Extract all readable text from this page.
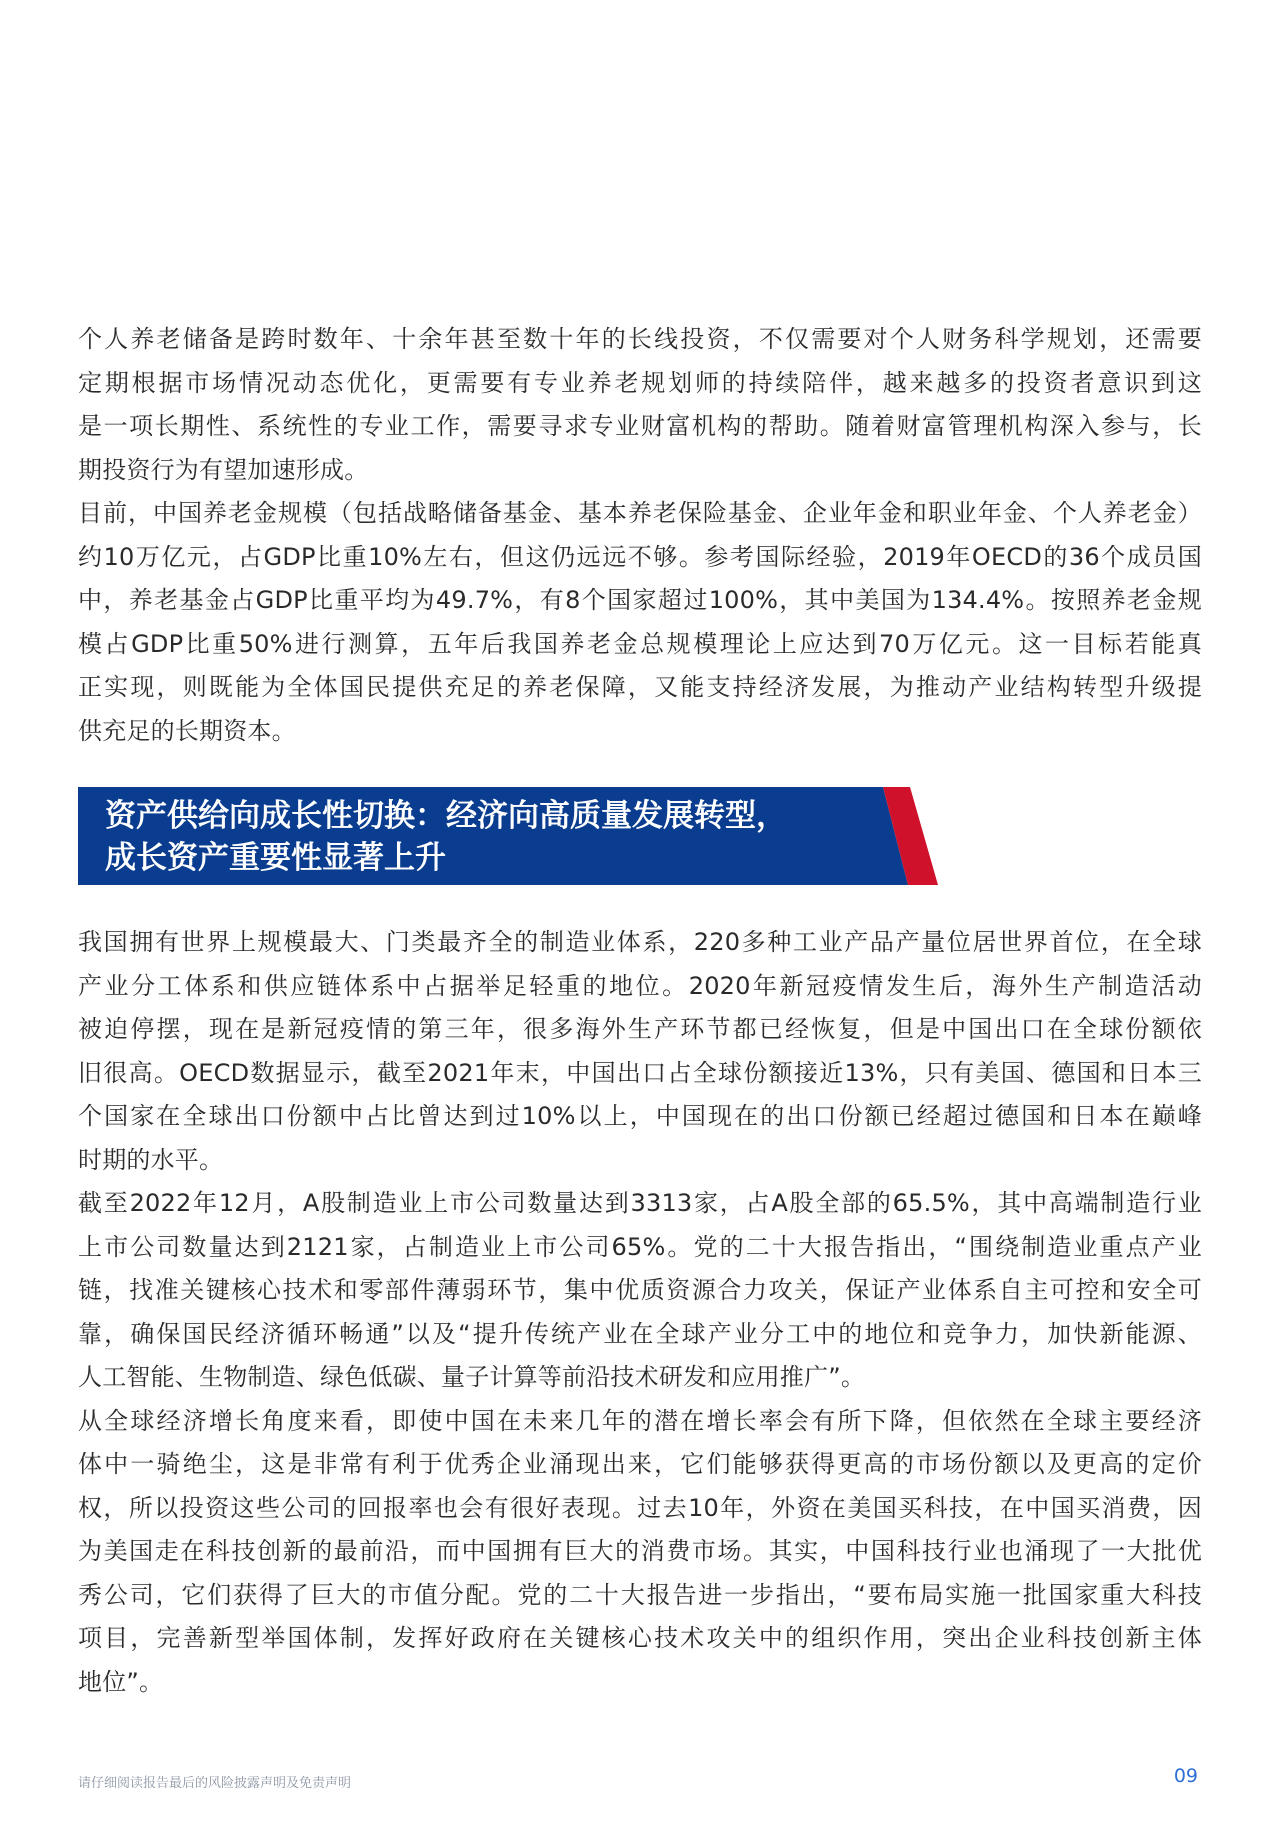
个人养老储备是跨时数年、十余年甚至数十年的长线投资，不仅需要对个人财务科学规划，还需要
定期根据市场情况动态优化，更需要有专业养老规划师的持续陪伴，越来越多的投资者意识到这
是一项长期性、系统性的专业工作，需要寻求专业财富机构的帮助。随着财富管理机构深入参与，长
期投资行为有望加速形成。
目前，中国养老金规模（包括战略储备基金、基本养老保险基金、企业年金和职业年金、个人养老金）
约10万亿元，占GDP比重10%左右，但这仍远远不够。参考国际经验，2019年OECD的36个成员国
中，养老基金占GDP比重平均为49.7%，有8个国家超过100%，其中美国为134.4%。按照养老金规
模占GDP比重50%进行测算，五年后我国养老金总规模理论上应达到70万亿元。这一目标若能真
正实现，则既能为全体国民提供充足的养老保障，又能支持经济发展，为推动产业结构转型升级提
供充足的长期资本。
资产供给向成长性切换：经济向高质量发展转型，
成长资产重要性显著上升
我国拥有世界上规模最大、门类最齐全的制造业体系，220多种工业产品产量位居世界首位，在全球
产业分工体系和供应链体系中占据举足轻重的地位。2020年新冠疫情发生后，海外生产制造活动
被迫停摆，现在是新冠疫情的第三年，很多海外生产环节都已经恢复，但是中国出口在全球份额依
旧很高。OECD数据显示，截至2021年末，中国出口占全球份额接近13%，只有美国、德国和日本三
个国家在全球出口份额中占比曾达到过10%以上，中国现在的出口份额已经超过德国和日本在巅峰
时期的水平。
截至2022年12月，A股制造业上市公司数量达到3313家，占A股全部的65.5%，其中高端制造行业
上市公司数量达到2121家，占制造业上市公司65%。党的二十大报告指出，“围绕制造业重点产业
链，找准关键核心技术和零部件薄弱环节，集中优质资源合力攻关，保证产业体系自主可控和安全可
靠，确保国民经济循环畅通”以及“提升传统产业在全球产业分工中的地位和竞争力，加快新能源、
人工智能、生物制造、绿色低碳、量子计算等前沿技术研发和应用推广”。
从全球经济增长角度来看，即使中国在未来几年的潜在增长率会有所下降，但依然在全球主要经济
体中一骑绝尘，这是非常有利于优秀企业涌现出来，它们能够获得更高的市场份额以及更高的定价
权，所以投资这些公司的回报率也会有很好表现。过去10年，外资在美国买科技，在中国买消费，因
为美国走在科技创新的最前沿，而中国拥有巨大的消费市场。其实，中国科技行业也涌现了一大批优
秀公司，它们获得了巨大的市值分配。党的二十大报告进一步指出，“要布局实施一批国家重大科技
项目，完善新型举国体制，发挥好政府在关键核心技术攻关中的组织作用，突出企业科技创新主体
地位”。
请仔细阅读报告最后的风险披露声明及免责声明	09
